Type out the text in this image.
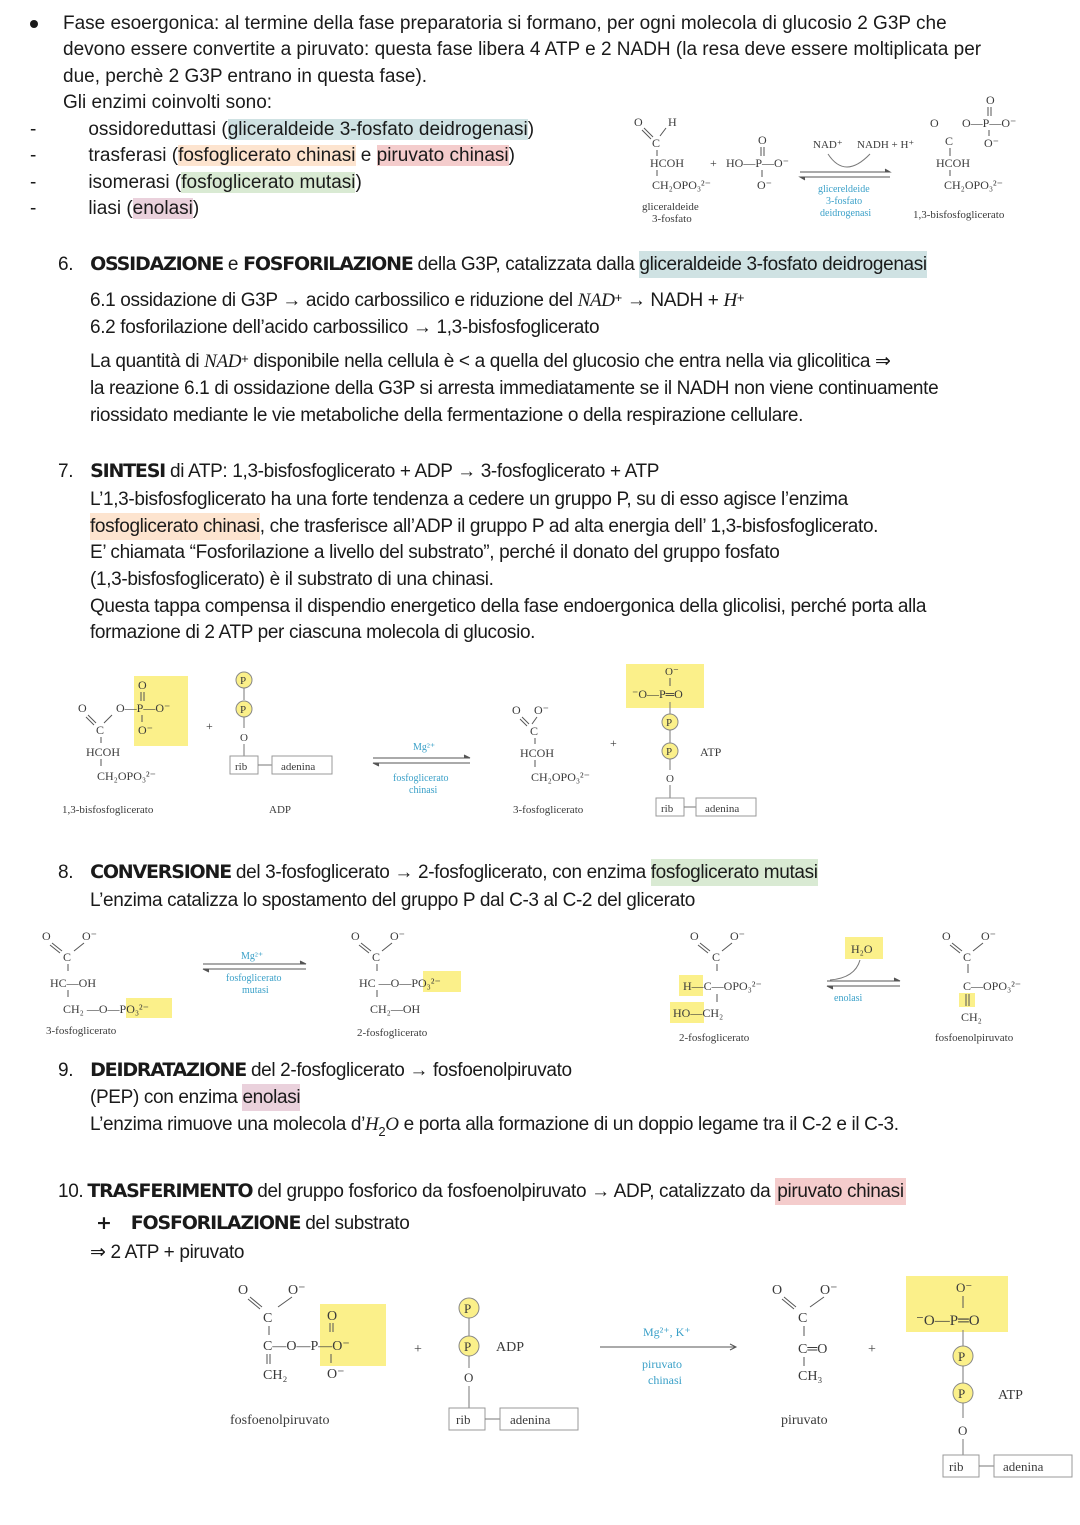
Fase esoergonica: al termine della fase preparatoria si formano, per ogni molecola di glucosio 2 G3P che
devono essere convertite a piruvato: questa fase libera 4 ATP e 2 NADH (la resa deve essere moltiplicata per
due, perchè 2 G3P entrano in questa fase).
Gli enzimi coinvolti sono:
-	ossidoreduttasi (gliceraldeide 3-fosfato deidrogenasi)
-	trasferasi (fosfoglicerato chinasi e piruvato chinasi)
-	isomerasi (fosfoglicerato mutasi)
-	liasi (enolasi)
O H
C
HCOH
CH₂OPO₃²⁻
gliceraldeide
3-fosfato
+
O
HO—P—O⁻
O⁻
NAD⁺ NADH + H⁺
glicereldeide
3-fosfato
deidrogenasi
O
O O—P—O⁻
O⁻
C
HCOH
CH₂OPO₃²⁻
1,3-bisfosfoglicerato
6. OSSIDAZIONE e FOSFORILAZIONE della G3P, catalizzata dalla gliceraldeide 3-fosfato deidrogenasi
6.1 ossidazione di G3P → acido carbossilico e riduzione del NAD+ → NADH + H+
6.2 fosforilazione dell’acido carbossilico → 1,3-bisfosfoglicerato
La quantità di NAD+ disponibile nella cellula è < a quella del glucosio che entra nella via glicolitica ⇒
la reazione 6.1 di ossidazione della G3P si arresta immediatamente se il NADH non viene continuamente
riossidato mediante le vie metaboliche della fermentazione o della respirazione cellulare.
7. SINTESI di ATP: 1,3-bisfosfoglicerato + ADP → 3-fosfoglicerato + ATP
L’1,3-bisfosfoglicerato ha una forte tendenza a cedere un gruppo P, su di esso agisce l’enzima
fosfoglicerato chinasi, che trasferisce all’ADP il gruppo P ad alta energia dell’ 1,3-bisfosfoglicerato.
E’ chiamata “Fosforilazione a livello del substrato”, perché il donato del gruppo fosfato
(1,3-bisfosfoglicerato) è il substrato di una chinasi.
Questa tappa compensa il dispendio energetico della fase endoergonica della glicolisi, perché porta alla
formazione di 2 ATP per ciascuna molecola di glucosio.
O
O O—P—O⁻
O⁻
C
HCOH
CH₂OPO₃²⁻
1,3-bisfosfoglicerato
+
P
P
O
rib	adenina
ADP
Mg²⁺
fosfoglicerato
chinasi
O O⁻
C
HCOH
CH₂OPO₃²⁻
3-fosfoglicerato
+
O⁻
⁻O—P═O
P
P ATP
O
rib	adenina
8. CONVERSIONE del 3-fosfoglicerato → 2-fosfoglicerato, con enzima fosfoglicerato mutasi
L’enzima catalizza lo spostamento del gruppo P dal C-3 al C-2 del glicerato
O	O⁻
C
HC—OH
CH₂ —O—PO₃²⁻
3-fosfoglicerato
Mg²⁺
fosfoglicerato
mutasi
O	O⁻
C
HC —O—PO₃²⁻
CH₂—OH
2-fosfoglicerato
O	O⁻
C
H—C—OPO₃²⁻
HO—CH₂
2-fosfoglicerato
H₂O
enolasi
O	O⁻
C
C—OPO₃²⁻
CH₂
fosfoenolpiruvato
9. DEIDRATAZIONE del 2-fosfoglicerato → fosfoenolpiruvato
(PEP) con enzima enolasi
L’enzima rimuove una molecola $d’H_2O$ e porta alla formazione di un doppio legame tra il C-2 e il C-3.
10. TRASFERIMENTO del gruppo fosforico da fosfoenolpiruvato → ADP, catalizzato da piruvato chinasi
+ FOSFORILAZIONE del substrato
⇒ 2 ATP + piruvato
O	O⁻
C	O
C—O—P—O⁻
O⁻
CH₂
fosfoenolpiruvato
+
P
P ADP
O
rib	adenina
Mg²⁺, K⁺
piruvato
chinasi
O	O⁻
C
C═O
CH₃
piruvato
+
O⁻
⁻O—P═O
P
P ATP
O
rib	adenina
